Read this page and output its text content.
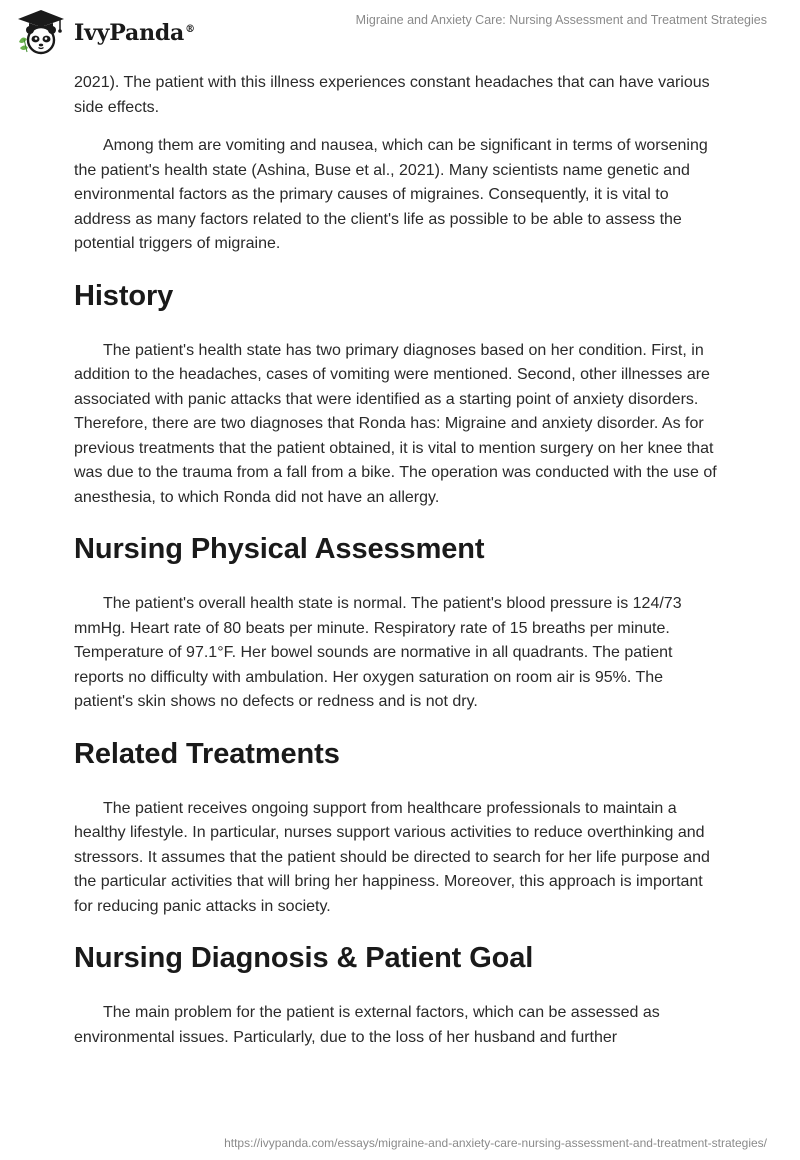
IvyPanda®
Migraine and Anxiety Care: Nursing Assessment and Treatment Strategies

2021). The patient with this illness experiences constant headaches that can have various side effects.

Among them are vomiting and nausea, which can be significant in terms of worsening the patient's health state (Ashina, Buse et al., 2021). Many scientists name genetic and environmental factors as the primary causes of migraines. Consequently, it is vital to address as many factors related to the client's life as possible to be able to assess the potential triggers of migraine.

History

The patient's health state has two primary diagnoses based on her condition. First, in addition to the headaches, cases of vomiting were mentioned. Second, other illnesses are associated with panic attacks that were identified as a starting point of anxiety disorders. Therefore, there are two diagnoses that Ronda has: Migraine and anxiety disorder. As for previous treatments that the patient obtained, it is vital to mention surgery on her knee that was due to the trauma from a fall from a bike. The operation was conducted with the use of anesthesia, to which Ronda did not have an allergy.

Nursing Physical Assessment

The patient's overall health state is normal. The patient's blood pressure is 124/73 mmHg. Heart rate of 80 beats per minute. Respiratory rate of 15 breaths per minute. Temperature of 97.1°F. Her bowel sounds are normative in all quadrants. The patient reports no difficulty with ambulation. Her oxygen saturation on room air is 95%. The patient's skin shows no defects or redness and is not dry.

Related Treatments

The patient receives ongoing support from healthcare professionals to maintain a healthy lifestyle. In particular, nurses support various activities to reduce overthinking and stressors. It assumes that the patient should be directed to search for her life purpose and the particular activities that will bring her happiness. Moreover, this approach is important for reducing panic attacks in society.

Nursing Diagnosis & Patient Goal

The main problem for the patient is external factors, which can be assessed as environmental issues. Particularly, due to the loss of her husband and further

https://ivypanda.com/essays/migraine-and-anxiety-care-nursing-assessment-and-treatment-strategies/
